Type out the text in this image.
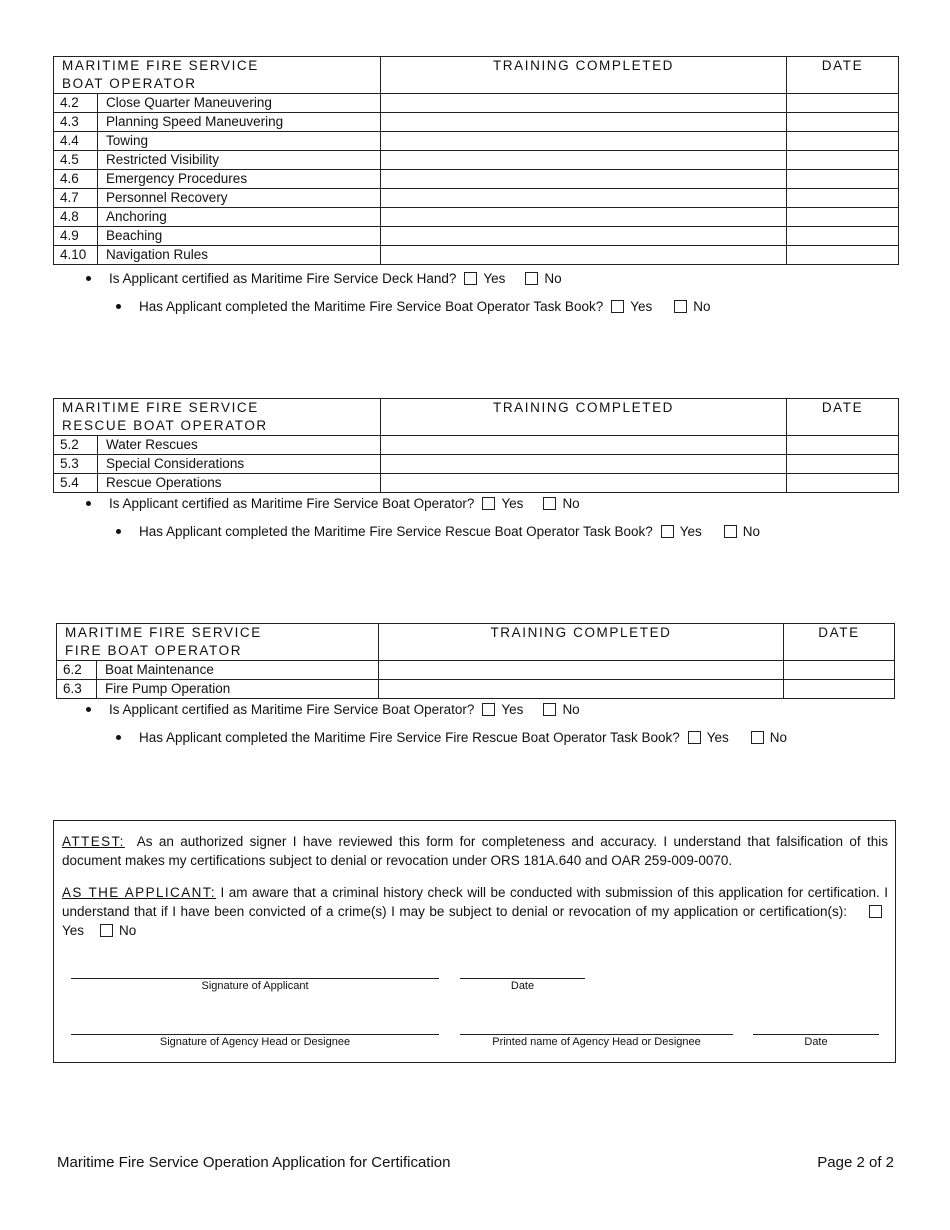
MARITIME FIRE SERVICE
BOAT OPERATOR		TRAINING COMPLETED	DATE
4.2	Close Quarter Maneuvering		
4.3	Planning Speed Maneuvering		
4.4	Towing		
4.5	Restricted Visibility		
4.6	Emergency Procedures		
4.7	Personnel Recovery		
4.8	Anchoring		
4.9	Beaching		
4.10	Navigation Rules		
Is Applicant certified as Maritime Fire Service Deck Hand? Yes	No
Has Applicant completed the Maritime Fire Service Boat Operator Task Book? Yes	No
MARITIME FIRE SERVICE
RESCUE BOAT OPERATOR		TRAINING COMPLETED	DATE
5.2	Water Rescues		
5.3	Special Considerations		
5.4	Rescue Operations		
Is Applicant certified as Maritime Fire Service Boat Operator? Yes	No
Has Applicant completed the Maritime Fire Service Rescue Boat Operator Task Book? Yes	No
MARITIME FIRE SERVICE
FIRE BOAT OPERATOR		TRAINING COMPLETED	DATE
6.2	Boat Maintenance		
6.3	Fire Pump Operation		
Is Applicant certified as Maritime Fire Service Boat Operator? Yes	No
Has Applicant completed the Maritime Fire Service Fire Rescue Boat Operator Task Book? Yes	No
ATTEST: As an authorized signer I have reviewed this form for completeness and accuracy. I understand that falsification of this document makes my certifications subject to denial or revocation under ORS 181A.640 and OAR 259-009-0070.
AS THE APPLICANT: I am aware that a criminal history check will be conducted with submission of this application for certification. I understand that if I have been convicted of a crime(s) I may be subject to denial or revocation of my application or certification(s):Yes	No
Signature of Applicant	Date
Signature of Agency Head or Designee	Printed name of Agency Head or Designee	Date
Maritime Fire Service Operation Application for Certification	Page 2 of 2
